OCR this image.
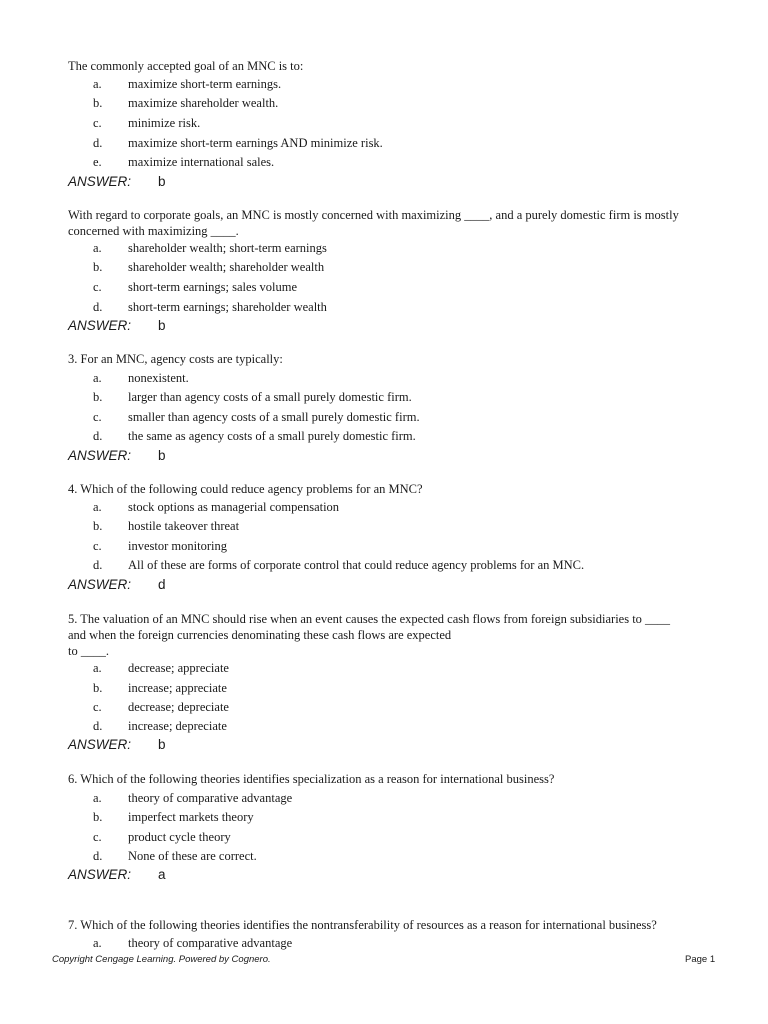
The commonly accepted goal of an MNC is to:
a. maximize short-term earnings.
b. maximize shareholder wealth.
c. minimize risk.
d. maximize short-term earnings AND minimize risk.
e. maximize international sales.
ANSWER: b
With regard to corporate goals, an MNC is mostly concerned with maximizing ____, and a purely domestic firm is mostly concerned with maximizing ____.
a. shareholder wealth; short-term earnings
b. shareholder wealth; shareholder wealth
c. short-term earnings; sales volume
d. short-term earnings; shareholder wealth
ANSWER: b
3. For an MNC, agency costs are typically:
a. nonexistent.
b. larger than agency costs of a small purely domestic firm.
c. smaller than agency costs of a small purely domestic firm.
d. the same as agency costs of a small purely domestic firm.
ANSWER: b
4. Which of the following could reduce agency problems for an MNC?
a. stock options as managerial compensation
b. hostile takeover threat
c. investor monitoring
d. All of these are forms of corporate control that could reduce agency problems for an MNC.
ANSWER: d
5. The valuation of an MNC should rise when an event causes the expected cash flows from foreign subsidiaries to ____
and when the foreign currencies denominating these cash flows are expected
to ____.
a. decrease; appreciate
b. increase; appreciate
c. decrease; depreciate
d. increase; depreciate
ANSWER: b
6. Which of the following theories identifies specialization as a reason for international business?
a. theory of comparative advantage
b. imperfect markets theory
c. product cycle theory
d. None of these are correct.
ANSWER: a
7. Which of the following theories identifies the nontransferability of resources as a reason for international business?
a. theory of comparative advantage
Copyright Cengage Learning. Powered by Cognero.	Page 1
